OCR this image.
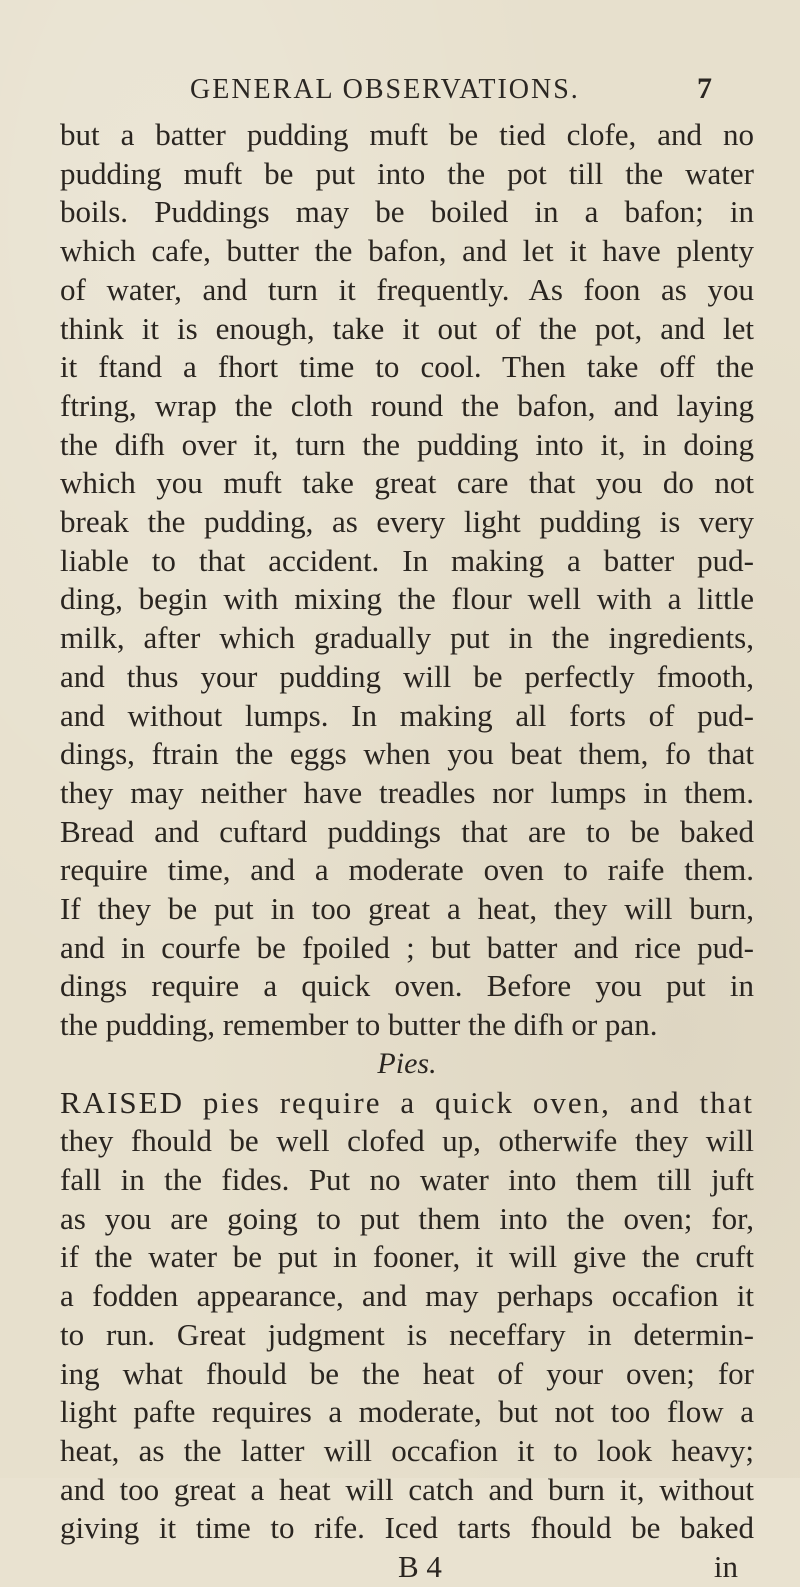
GENERAL OBSERVATIONS.	7
but a batter pudding muft be tied clofe, and no
pudding muft be put into the pot till the water
boils. Puddings may be boiled in a bafon; in
which cafe, butter the bafon, and let it have plenty
of water, and turn it frequently. As foon as you
think it is enough, take it out of the pot, and let
it ftand a fhort time to cool. Then take off the
ftring, wrap the cloth round the bafon, and laying
the difh over it, turn the pudding into it, in doing
which you muft take great care that you do not
break the pudding, as every light pudding is very
liable to that accident. In making a batter pud-
ding, begin with mixing the flour well with a little
milk, after which gradually put in the ingredients,
and thus your pudding will be perfectly fmooth,
and without lumps. In making all forts of pud-
dings, ftrain the eggs when you beat them, fo that
they may neither have treadles nor lumps in them.
Bread and cuftard puddings that are to be baked
require time, and a moderate oven to raife them.
If they be put in too great a heat, they will burn,
and in courfe be fpoiled ; but batter and rice pud-
dings require a quick oven. Before you put in
the pudding, remember to butter the difh or pan.
Pies.
RAISED pies require a quick oven, and that
they fhould be well clofed up, otherwife they will
fall in the fides. Put no water into them till juft
as you are going to put them into the oven; for,
if the water be put in fooner, it will give the cruft
a fodden appearance, and may perhaps occafion it
to run. Great judgment is neceffary in determin-
ing what fhould be the heat of your oven; for
light pafte requires a moderate, but not too flow a
heat, as the latter will occafion it to look heavy;
and too great a heat will catch and burn it, without
giving it time to rife. Iced tarts fhould be baked
B 4	in
